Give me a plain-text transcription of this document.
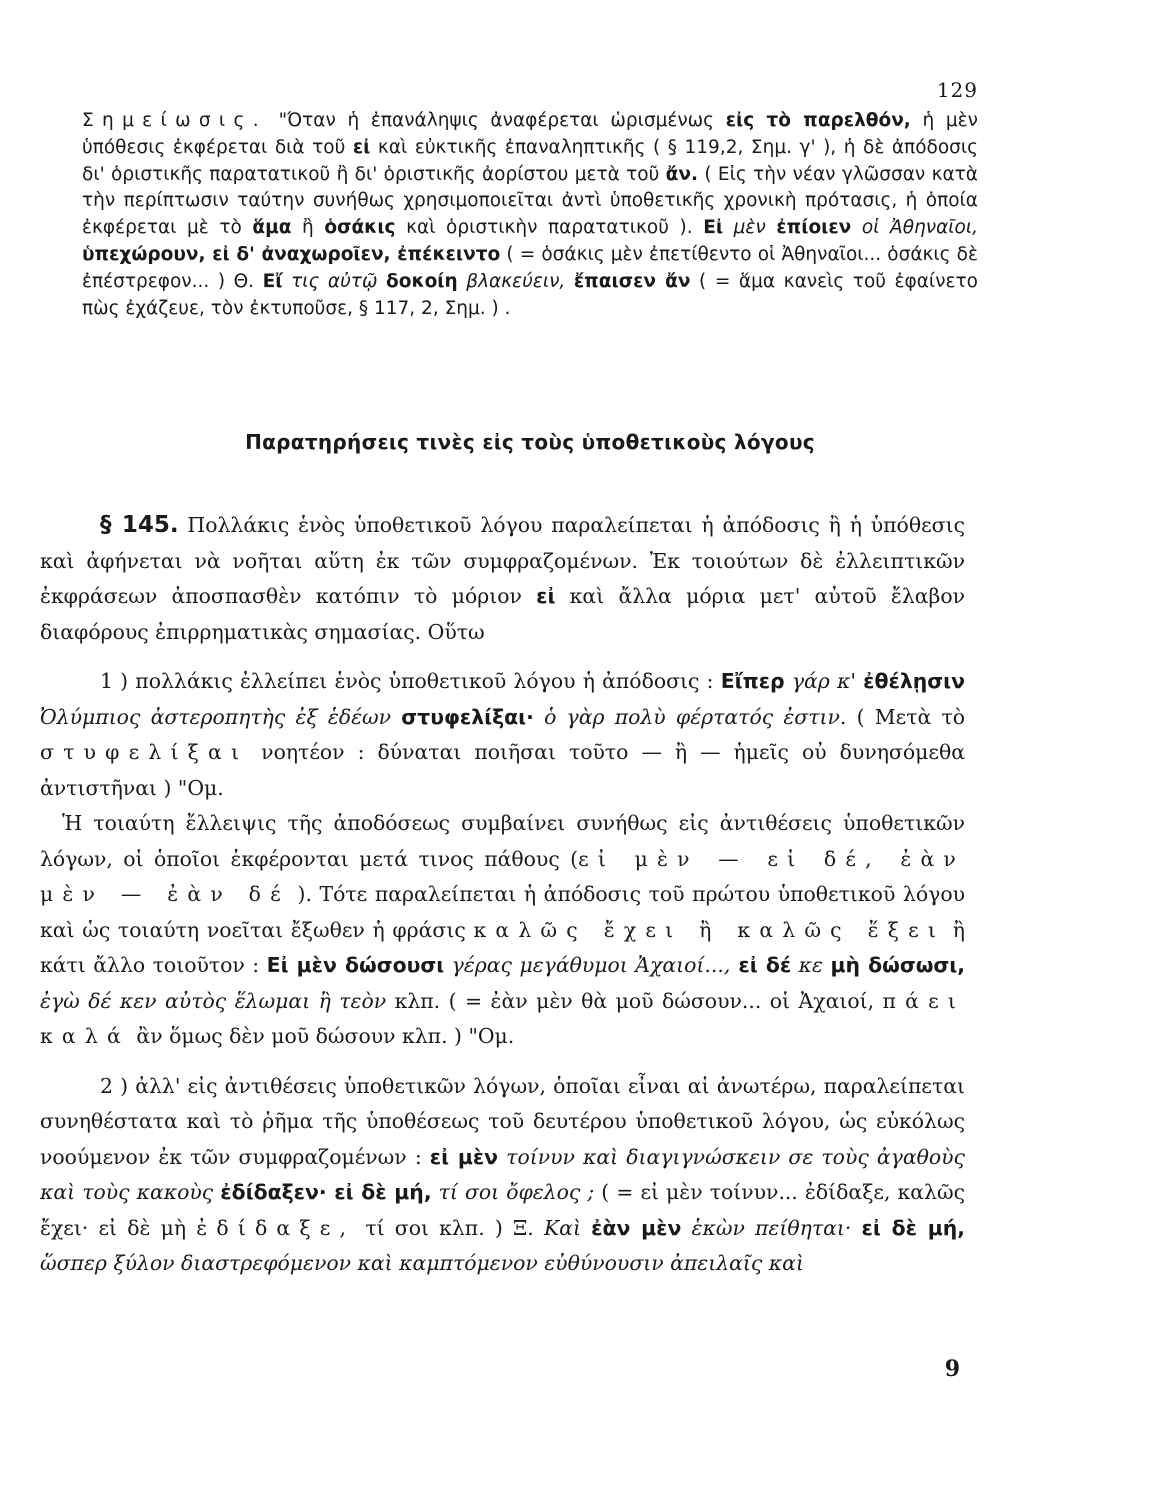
129
Σημείωσις. "Όταν ἡ ἐπανάληψις ἀναφέρεται ὡρισμένως εἰς τὸ παρελθόν, ἡ μὲν ὑπόθεσις ἐκφέρεται διὰ τοῦ εἰ καὶ εὐκτικῆς ἐπαναληπτικῆς ( § 119,2, Σημ. γ' ), ἡ δὲ ἀπόδοσις δι' ὁριστικῆς παρατατικοῦ ἢ δι' ὁριστικῆς ἀορίστου μετὰ τοῦ ἄν. ( Εἰς τὴν νέαν γλῶσσαν κατὰ τὴν περίπτωσιν ταύτην συνήθως χρησιμοποιεῖται ἀντὶ ὑποθετικῆς χρονικὴ πρότασις, ἡ ὁποία ἐκφέρεται μὲ τὸ ἅμα ἢ ὁσάκις καὶ ὁριστικὴν παρατατικοῦ ). Εἰ μὲν ἐπίοιεν οἱ Ἀθηναῖοι, ὑπεχώρουν, εἰ δ' ἀναχωροῖεν, ἐπέκειντο ( = ὁσάκις μὲν ἐπετίθεντο οἱ Ἀθηναῖοι... ὁσάκις δὲ ἐπέστρεφον... ) Θ. Εἴ τις αὐτῷ δοκοίη βλακεύειν, ἔπαισεν ἄν ( = ἅμα κανεὶς τοῦ ἐφαίνετο πὼς ἐχάζευε, τὸν ἐκτυποῦσε, § 117, 2, Σημ. ) .
Παρατηρήσεις τινὲς εἰς τοὺς ὑποθετικοὺς λόγους

§ 145. Πολλάκις ἑνὸς ὑποθετικοῦ λόγου παραλείπεται ἡ ἀπόδοσις ἢ ἡ ὑπόθεσις καὶ ἀφήνεται νὰ νοῆται αὕτη ἐκ τῶν συμφραζομένων. Ἐκ τοιούτων δὲ ἐλλειπτικῶν ἐκφράσεων ἀποσπασθὲν κατόπιν τὸ μόριον εἰ καὶ ἄλλα μόρια μετ' αὐτοῦ ἔλαβον διαφόρους ἐπιρρηματικὰς σημασίας. Οὕτω

1 ) πολλάκις ἐλλείπει ἑνὸς ὑποθετικοῦ λόγου ἡ ἀπόδοσις : Εἴπερ γάρ κ' ἐθέλῃσιν Ὀλύμπιος ἀστεροπητὴς ἐξ ἑδέων στυφελίξαι· ὁ γὰρ πολὺ φέρτατός ἐστιν. ( Μετὰ τὸ στυφελίξαι νοητέον : δύναται ποιῆσαι τοῦτο — ἢ — ἡμεῖς οὐ δυνησόμεθα ἀντιστῆναι ) "Ομ.

Ἡ τοιαύτη ἔλλειψις τῆς ἀποδόσεως συμβαίνει συνήθως εἰς ἀντιθέσεις ὑποθετικῶν λόγων, οἱ ὁποῖοι ἐκφέρονται μετά τινος πάθους (εἰ μὲν — εἰ δέ, ἐὰν μὲν — ἐὰν δέ ). Τότε παραλείπεται ἡ ἀπόδοσις τοῦ πρώτου ὑποθετικοῦ λόγου καὶ ὡς τοιαύτη νοεῖται ἔξωθεν ἡ φράσις καλῶς ἔχει ἢ καλῶς ἕξει ἢ κάτι ἄλλο τοιοῦτον : Εἰ μὲν δώσουσι γέρας μεγάθυμοι Ἀχαιοί..., εἰ δέ κε μὴ δώσωσι, ἐγὼ δέ κεν αὐτὸς ἕλωμαι ἢ τεὸν κλπ. ( = ἐὰν μὲν θὰ μοῦ δώσουν... οἱ Ἀχαιοί, πάει καλά ἂν ὅμως δὲν μοῦ δώσουν κλπ. ) "Ομ.

2 ) ἀλλ' εἰς ἀντιθέσεις ὑποθετικῶν λόγων, ὁποῖαι εἶναι αἱ ἀνωτέρω, παραλείπεται συνηθέστατα καὶ τὸ ῥῆμα τῆς ὑποθέσεως τοῦ δευτέρου ὑποθετικοῦ λόγου, ὡς εὐκόλως νοούμενον ἐκ τῶν συμφραζομένων : εἰ μὲν τοίνυν καὶ διαγιγνώσκειν σε τοὺς ἀγαθοὺς καὶ τοὺς κακοὺς ἐδίδαξεν· εἰ δὲ μή, τί σοι ὄφελος ; ( = εἰ μὲν τοίνυν... ἐδίδαξε, καλῶς ἔχει· εἰ δὲ μὴ ἐδίδαξε, τί σοι κλπ. ) Ξ. Καὶ ἐὰν μὲν ἑκὼν πείθηται· εἰ δὲ μή, ὥσπερ ξύλον διαστρεφόμενον καὶ καμπτόμενον εὐθύνουσιν ἀπειλαῖς καὶ

9
